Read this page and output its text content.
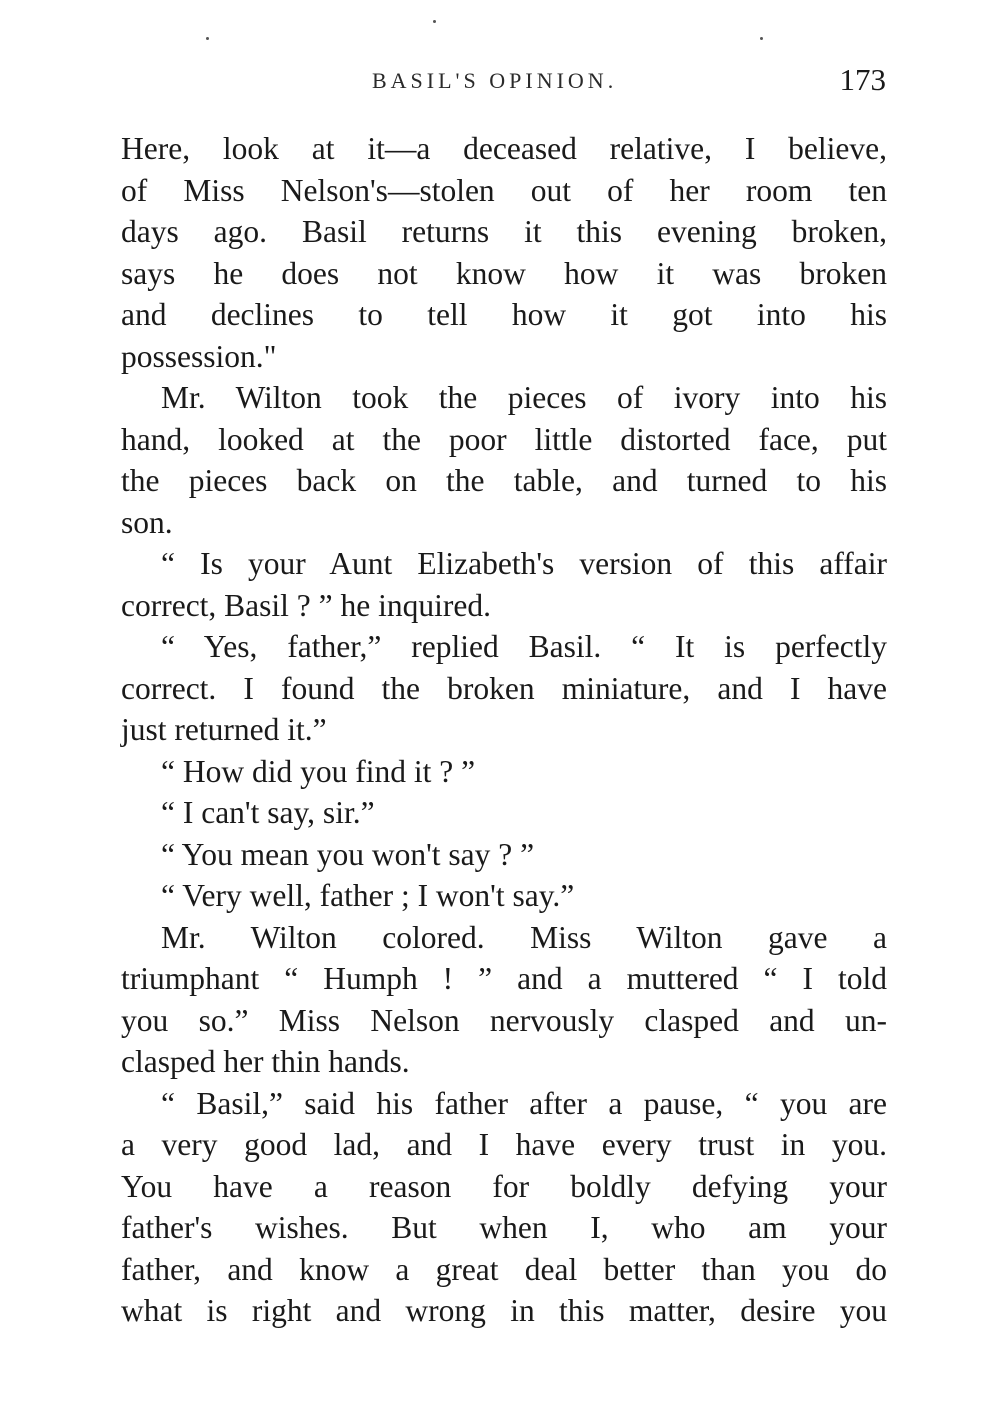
BASIL'S OPINION.	173
Here, look at it—a deceased relative, I believe,
of Miss Nelson's—stolen out of her room ten
days ago. Basil returns it this evening broken,
says he does not know how it was broken
and declines to tell how it got into his
possession."
Mr. Wilton took the pieces of ivory into his
hand, looked at the poor little distorted face, put
the pieces back on the table, and turned to his
son.
“ Is your Aunt Elizabeth's version of this affair
correct, Basil ? ” he inquired.
“ Yes, father,” replied Basil. “ It is perfectly
correct. I found the broken miniature, and I have
just returned it.”
“ How did you find it ? ”
“ I can't say, sir.”
“ You mean you won't say ? ”
“ Very well, father ; I won't say.”
Mr. Wilton colored. Miss Wilton gave a
triumphant “ Humph ! ” and a muttered “ I told
you so.” Miss Nelson nervously clasped and un-
clasped her thin hands.
“ Basil,” said his father after a pause, “ you are
a very good lad, and I have every trust in you.
You have a reason for boldly defying your
father's wishes. But when I, who am your
father, and know a great deal better than you do
what is right and wrong in this matter, desire you
